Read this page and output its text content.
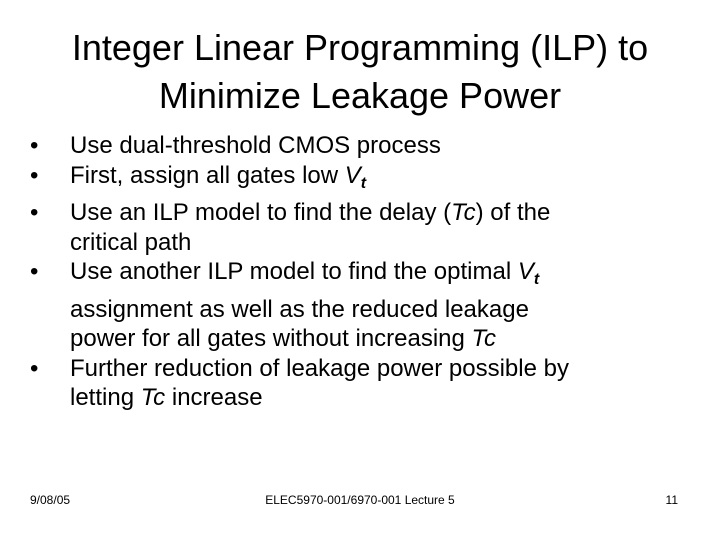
Integer Linear Programming (ILP) to
Minimize Leakage Power
•	Use dual-threshold CMOS process
•	First, assign all gates low $V_t$
•	Use an ILP model to find the delay (Tc) of the
critical path
•	Use another ILP model to find the optimal $V_t$
assignment as well as the reduced leakage
power for all gates without increasing Tc
•	Further reduction of leakage power possible by
letting Tc increase
9/08/05	ELEC5970-001/6970-001 Lecture 5	11
